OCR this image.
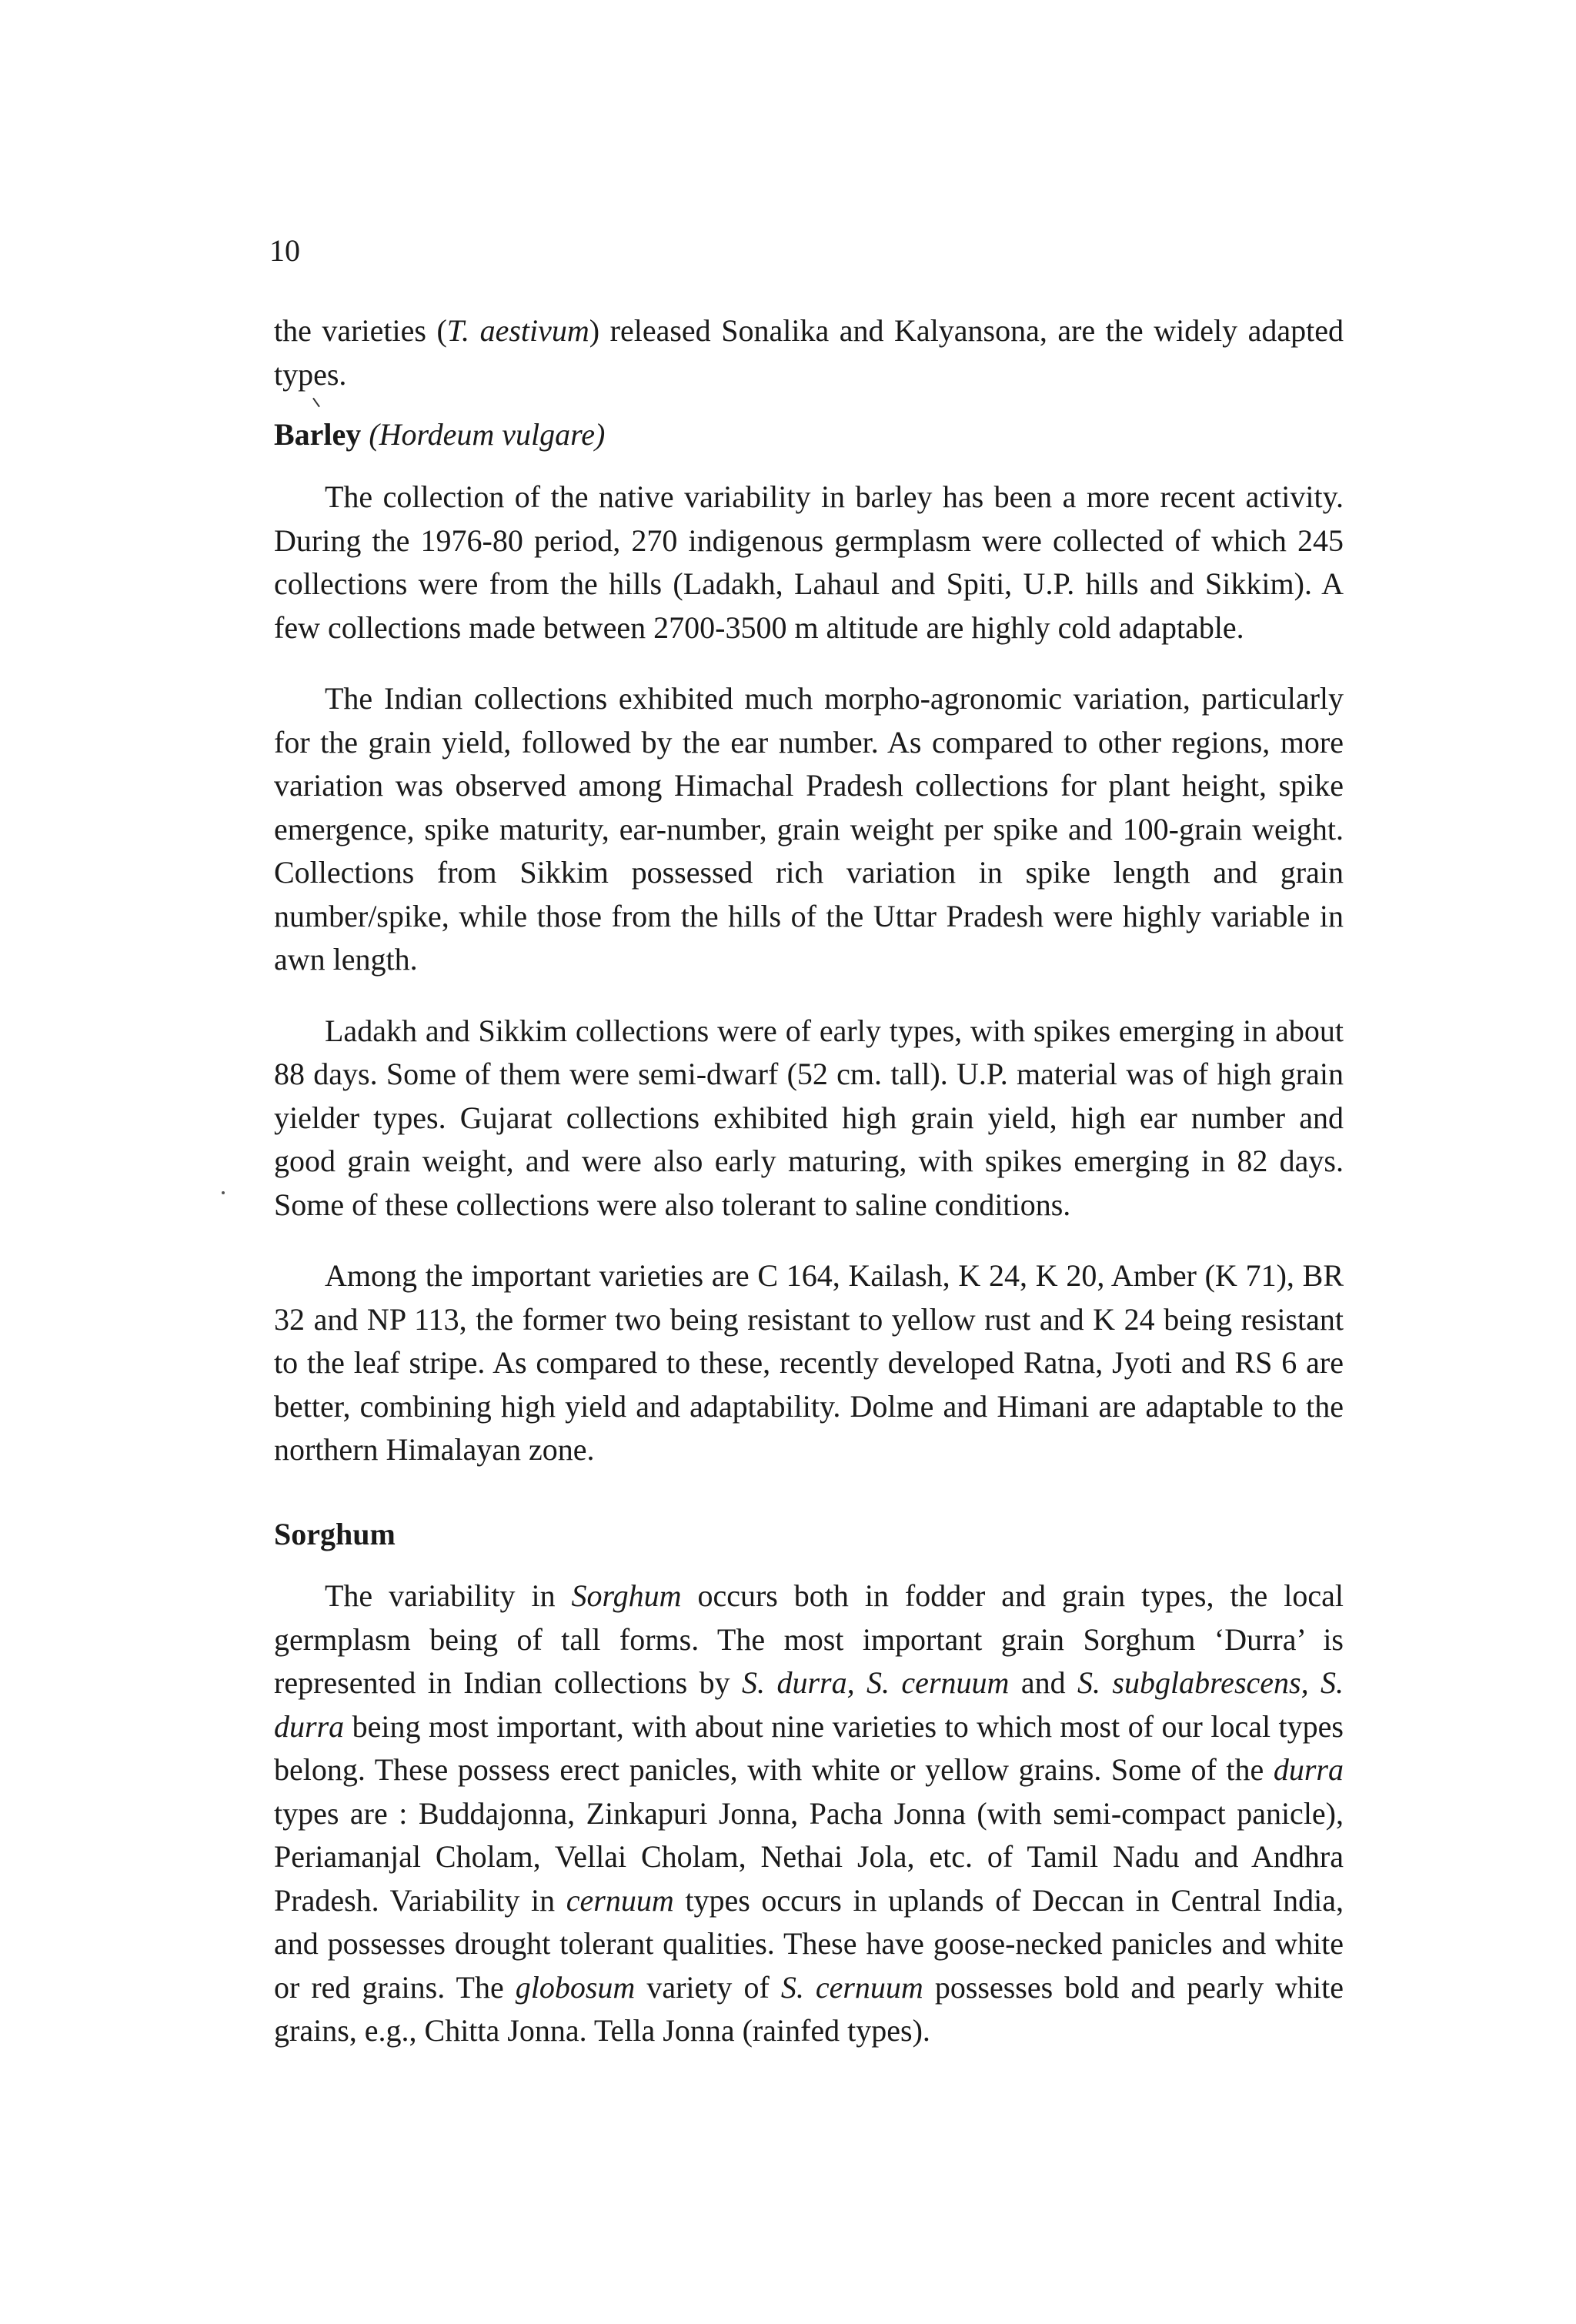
10

the varieties (T. aestivum) released Sonalika and Kalyansona, are the widely adapted types.

Barley (Hordeum vulgare)

The collection of the native variability in barley has been a more recent activity. During the 1976-80 period, 270 indigenous germplasm were collected of which 245 collections were from the hills (Ladakh, Lahaul and Spiti, U.P. hills and Sikkim). A few collections made between 2700-3500 m altitude are highly cold adaptable.

The Indian collections exhibited much morpho-agronomic variation, particularly for the grain yield, followed by the ear number. As compared to other regions, more variation was observed among Himachal Pradesh collections for plant height, spike emergence, spike maturity, ear-number, grain weight per spike and 100-grain weight. Collections from Sikkim possessed rich variation in spike length and grain number/spike, while those from the hills of the Uttar Pradesh were highly variable in awn length.

Ladakh and Sikkim collections were of early types, with spikes emerging in about 88 days. Some of them were semi-dwarf (52 cm. tall). U.P. material was of high grain yielder types. Gujarat collections exhibited high grain yield, high ear number and good grain weight, and were also early maturing, with spikes emerging in 82 days. Some of these collections were also tolerant to saline conditions.

Among the important varieties are C 164, Kailash, K 24, K 20, Amber (K 71), BR 32 and NP 113, the former two being resistant to yellow rust and K 24 being resistant to the leaf stripe. As compared to these, recently developed Ratna, Jyoti and RS 6 are better, combining high yield and adaptability. Dolme and Himani are adaptable to the northern Himalayan zone.

Sorghum

The variability in Sorghum occurs both in fodder and grain types, the local germplasm being of tall forms. The most important grain Sorghum ‘Durra’ is represented in Indian collections by S. durra, S. cernuum and S. subglabrescens, S. durra being most important, with about nine varieties to which most of our local types belong. These possess erect panicles, with white or yellow grains. Some of the durra types are : Buddajonna, Zinkapuri Jonna, Pacha Jonna (with semi-compact panicle), Periamanjal Cholam, Vellai Cholam, Nethai Jola, etc. of Tamil Nadu and Andhra Pradesh. Variability in cernuum types occurs in uplands of Deccan in Central India, and possesses drought tolerant qualities. These have goose-necked panicles and white or red grains. The globosum variety of S. cernuum possesses bold and pearly white grains, e.g., Chitta Jonna. Tella Jonna (rainfed types).
